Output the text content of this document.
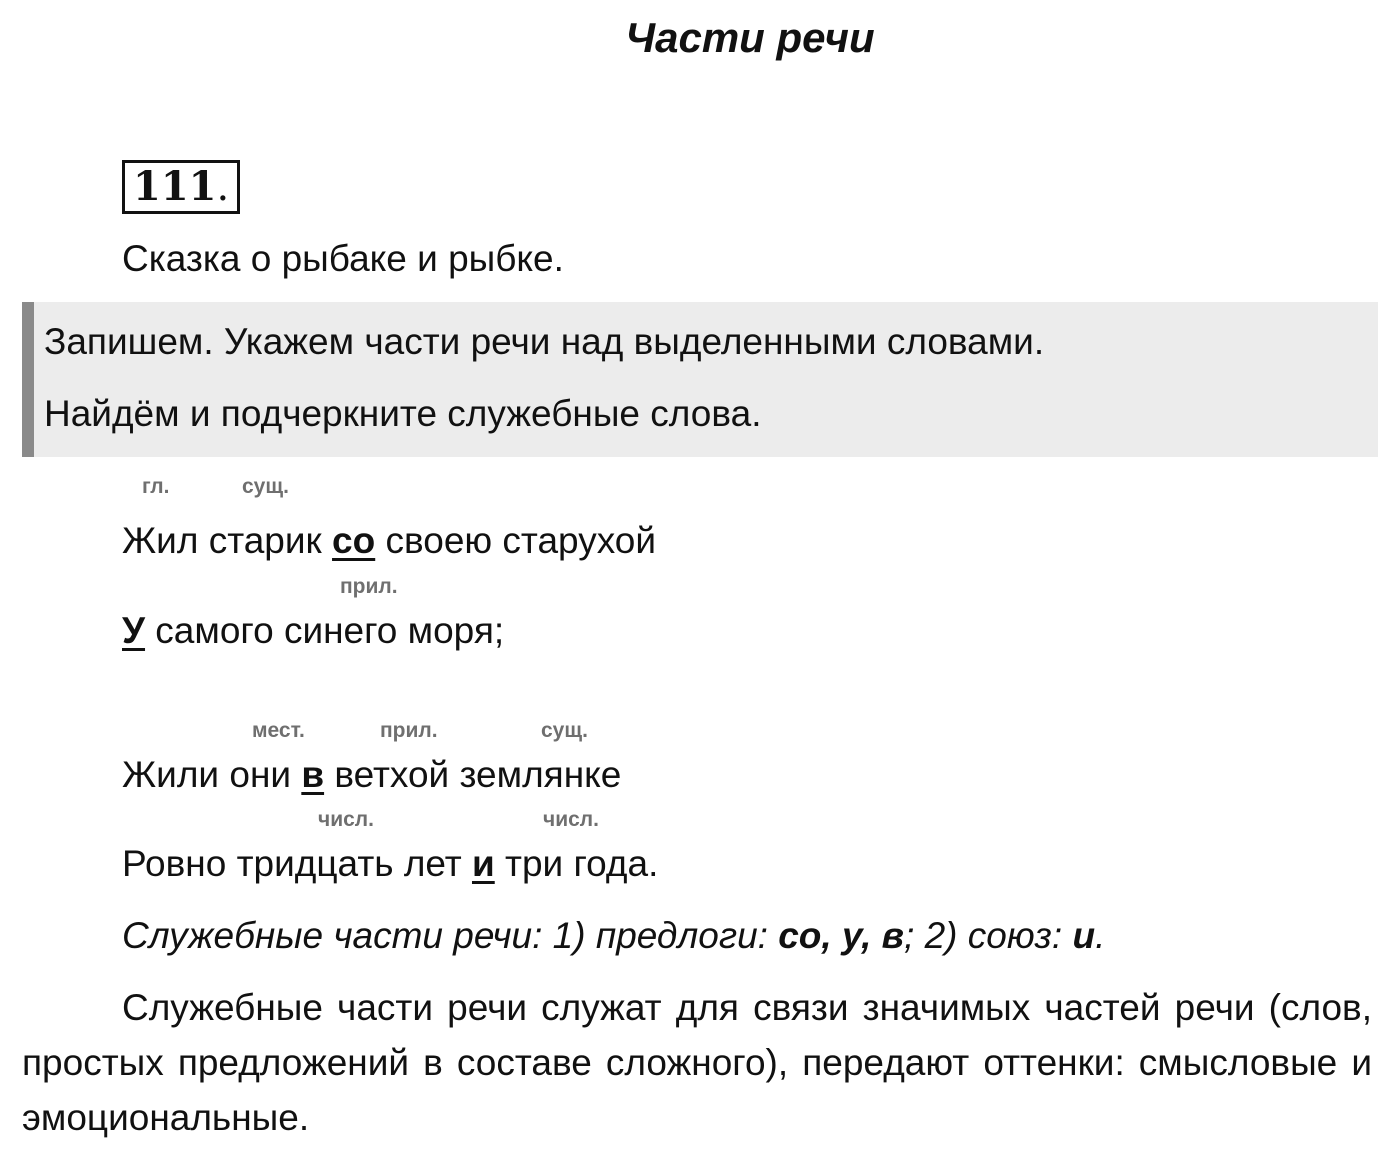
Части речи
111.
Сказка о рыбаке и рыбке.
Запишем. Укажем части речи над выделенными словами.
Найдём и подчеркните служебные слова.
гл.	сущ.
Жил старик со своею старухой
прил.
У самого синего моря;
мест.	прил.	сущ.
Жили они в ветхой землянке
числ.	числ.
Ровно тридцать лет и три года.
Служебные части речи: 1) предлоги: со, у, в; 2) союз: и.
Служебные части речи служат для связи значимых частей речи (слов, простых предложений в составе сложного), передают оттенки: смысловые и эмоциональные.
